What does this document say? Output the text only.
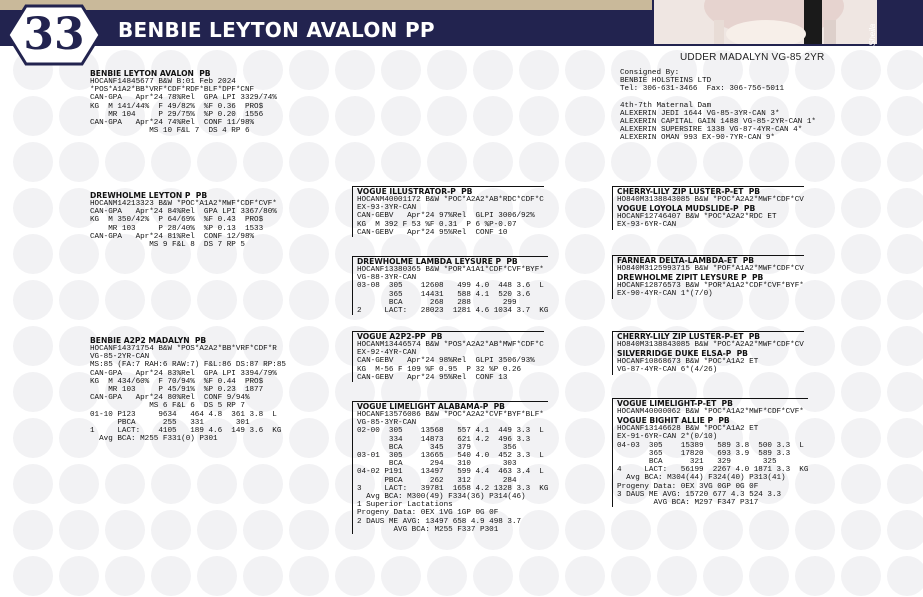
33	BENBIE LEYTON AVALON PP	Sheila
UDDER MADALYN VG-85 2YR
Consigned By:
BENBIE HOLSTEINS LTD
Tel: 306-631-3466  Fax: 306-756-5011
4th-7th Maternal Dam
ALEXERIN JEDI 1644 VG-85-3YR-CAN 3*
ALEXERIN CAPITAL GAIN 1488 VG-85-2YR-CAN 1*
ALEXERIN SUPERSIRE 1338 VG-87-4YR-CAN 4*
ALEXERIN OMAN 993 EX-90-7YR-CAN 9*
BENBIE LEYTON AVALON  PB
HOCANF14845677 B&W B:01 Feb 2024
*POS*A1A2*BB*VRF*CDF*RDF*BLF*DPF*CNF
CAN-GPA   Apr*24 78%Rel  GPA LPI 3329/74%
KG  M 141/44%  F 49/82%  %F 0.36  PRO$
MR 104     P 29/75%  %P 0.20  1556
CAN-GPA   Apr*24 74%Rel  CONF 11/98%
MS 10 F&L 7  DS 4 RP 6
DREWHOLME LEYTON P  PB
HOCANM14213323 B&W *POC*A1A2*MWF*CDF*CVF*
CAN-GPA   Apr*24 84%Rel  GPA LPI 3367/80%
KG  M 350/42%  P 64/69%  %F 0.43  PRO$
MR 103     P 28/40%  %P 0.13  1533
CAN-GPA   Apr*24 81%Rel  CONF 12/98%
MS 9 F&L 8  DS 7 RP 5
BENBIE A2P2 MADALYN  PB
HOCANF14371754 B&W *POS*A2A2*BB*VRF*CDF*R
VG-85-2YR-CAN
MS:85 (FA:7 RAH:6 RAW:7) F&L:86 DS:87 RP:85
CAN-GPA   Apr*24 83%Rel  GPA LPI 3394/79%
KG  M 434/60%  F 70/94%  %F 0.44  PRO$
MR 103     P 45/91%  %P 0.23  1877
CAN-GPA   Apr*24 80%Rel  CONF 9/94%
MS 6 F&L 6  DS 5 RP 7
01-10 P123     9634   464 4.8  361 3.8  L
PBCA      255   331       301
1     LACT:    4105   189 4.6  149 3.6  KG
Avg BCA: M255 F331(0) P301
VOGUE ILLUSTRATOR-P  PB
HOCANM40001172 B&W *POC*A2A2*AB*RDC*CDF*C
EX-93-3YR-CAN
CAN-GEBV   Apr*24 97%Rel  GLPI 3006/92%
KG  M 392 F 53 %F 0.31  P 6 %P-0.07
CAN-GEBV   Apr*24 95%Rel  CONF 10
DREWHOLME LAMBDA LEYSURE P  PB
HOCANF13380365 B&W *POR*A1A1*CDF*CVF*BYF*
VG-88-3YR-CAN
03-08  305    12608   499 4.0  448 3.6  L
365    14431   588 4.1  520 3.6
BCA      268   288       299
2     LACT:   28023  1281 4.6 1034 3.7  KG
VOGUE A2P2-PP  PB
HOCANM13446574 B&W *POS*A2A2*AB*MWF*CDF*C
EX-92-4YR-CAN
CAN-GEBV   Apr*24 98%Rel  GLPI 3506/93%
KG  M-56 F 109 %F 0.95  P 32 %P 0.26
CAN-GEBV   Apr*24 95%Rel  CONF 13
VOGUE LIMELIGHT ALABAMA-P  PB
HOCANF13576086 B&W *POC*A2A2*CVF*BYF*BLF*
VG-85-3YR-CAN
02-00  305    13568   557 4.1  449 3.3  L
334    14873   621 4.2  496 3.3
BCA      345   379       356
03-01  305    13665   540 4.0  452 3.3  L
BCA      294   310       303
04-02 P191    13497   599 4.4  463 3.4  L
PBCA      262   312       284
3     LACT:   39781  1658 4.2 1328 3.3  KG
Avg BCA: M300(49) F334(36) P314(46)
1 Superior Lactations
Progeny Data: 0EX 1VG 1GP 0G 0F
2 DAUS ME AVG: 13497 658 4.9 498 3.7
AVG BCA: M255 F337 P301
CHERRY-LILY ZIP LUSTER-P-ET  PB
HO840M3138843085 B&W *POC*A2A2*MWF*CDF*CV
VOGUE LOYOLA MUDSLIDE-P  PB
HOCANF12746407 B&W *POC*A2A2*RDC ET
EX-93-6YR-CAN
FARNEAR DELTA-LAMBDA-ET  PB
HO840M3125993715 B&W *POF*A1A2*MWF*CDF*CV
DREWHOLME ZIPIT LEYSURE P  PB
HOCANF12876573 B&W *POR*A1A2*CDF*CVF*BYF*
EX-90-4YR-CAN 1*(7/0)
CHERRY-LILY ZIP LUSTER-P-ET  PB
HO840M3138843085 B&W *POC*A2A2*MWF*CDF*CV
SILVERRIDGE DUKE ELSA-P  PB
HOCANF10868673 B&W *POC*A1A2 ET
VG-87-4YR-CAN 6*(4/26)
VOGUE LIMELIGHT-P-ET  PB
HOCANM40000062 B&W *POC*A1A2*MWF*CDF*CVF*
VOGUE BIGHIT ALLIE P  PB
HOCANF13146628 B&W *POC*A1A2 ET
EX-91-6YR-CAN 2*(0/10)
04-03  305    15389   589 3.8  500 3.3  L
365    17820   693 3.9  589 3.3
BCA      321   329       325
4     LACT:   56199  2267 4.0 1871 3.3  KG
Avg BCA: M304(44) F324(40) P313(41)
Progeny Data: 0EX 3VG 0GP 0G 0F
3 DAUS ME AVG: 15720 677 4.3 524 3.3
AVG BCA: M297 F347 P317
